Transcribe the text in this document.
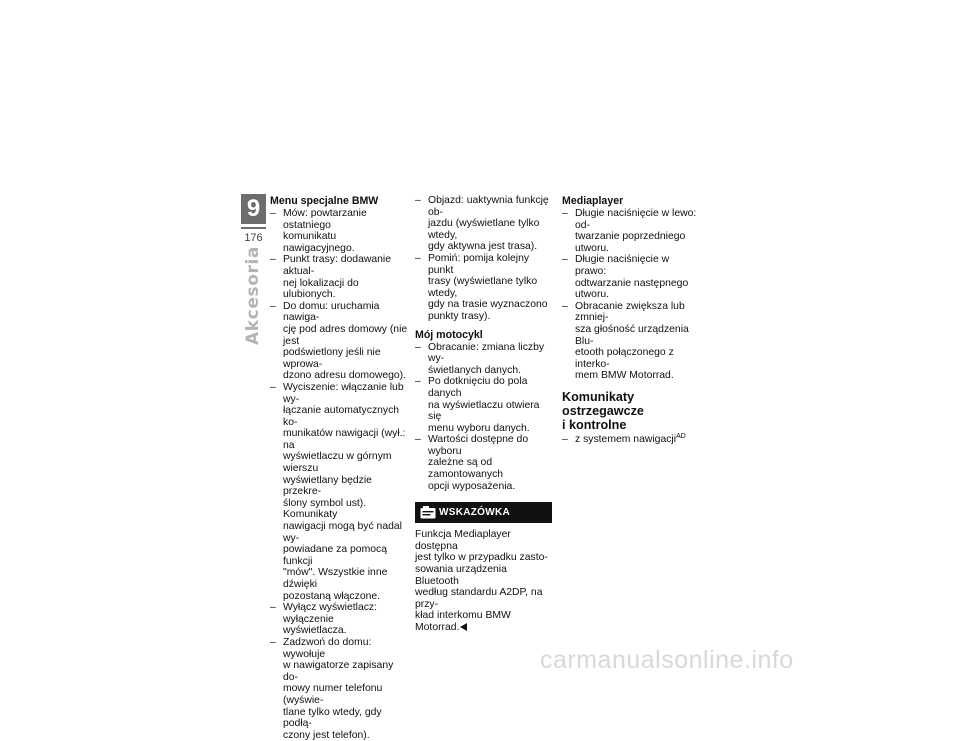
9
176
Akcesoria
Menu specjalne BMW
– Mów: powtarzanie ostatniego
komunikatu nawigacyjnego.
– Punkt trasy: dodawanie aktual-
nej lokalizacji do ulubionych.
– Do domu: uruchamia nawiga-
cję pod adres domowy (nie jest
podświetlony jeśli nie wprowa-
dzono adresu domowego).
– Wyciszenie: włączanie lub wy-
łączanie automatycznych ko-
munikatów nawigacji (wył.: na
wyświetlaczu w górnym wierszu
wyświetlany będzie przekre-
ślony symbol ust). Komunikaty
nawigacji mogą być nadal wy-
powiadane za pomocą funkcji
"mów". Wszystkie inne dźwięki
pozostaną włączone.
– Wyłącz wyświetlacz: wyłączenie
wyświetlacza.
– Zadzwoń do domu: wywołuje
w nawigatorze zapisany do-
mowy numer telefonu (wyświe-
tlane tylko wtedy, gdy podłą-
czony jest telefon).
– Objazd: uaktywnia funkcję ob-
jazdu (wyświetlane tylko wtedy,
gdy aktywna jest trasa).
– Pomiń: pomija kolejny punkt
trasy (wyświetlane tylko wtedy,
gdy na trasie wyznaczono
punkty trasy).
Mój motocykl
– Obracanie: zmiana liczby wy-
świetlanych danych.
– Po dotknięciu do pola danych
na wyświetlaczu otwiera się
menu wyboru danych.
– Wartości dostępne do wyboru
zależne są od zamontowanych
opcji wyposażenia.
WSKAZÓWKA

Funkcja Mediaplayer dostępna
jest tylko w przypadku zasto-
sowania urządzenia Bluetooth
według standardu A2DP, na przy-
kład interkomu BMW Motorrad.

Mediaplayer
– Długie naciśnięcie w lewo: od-
twarzanie poprzedniego utworu.
– Długie naciśnięcie w prawo:
odtwarzanie następnego
utworu.
– Obracanie zwiększa lub zmniej-
sza głośność urządzenia Blu-
etooth połączonego z interko-
mem BMW Motorrad.
Komunikaty ostrzegawcze
i kontrolne
– z systemem nawigacji$^{AD}$
carmanualsonline.info
